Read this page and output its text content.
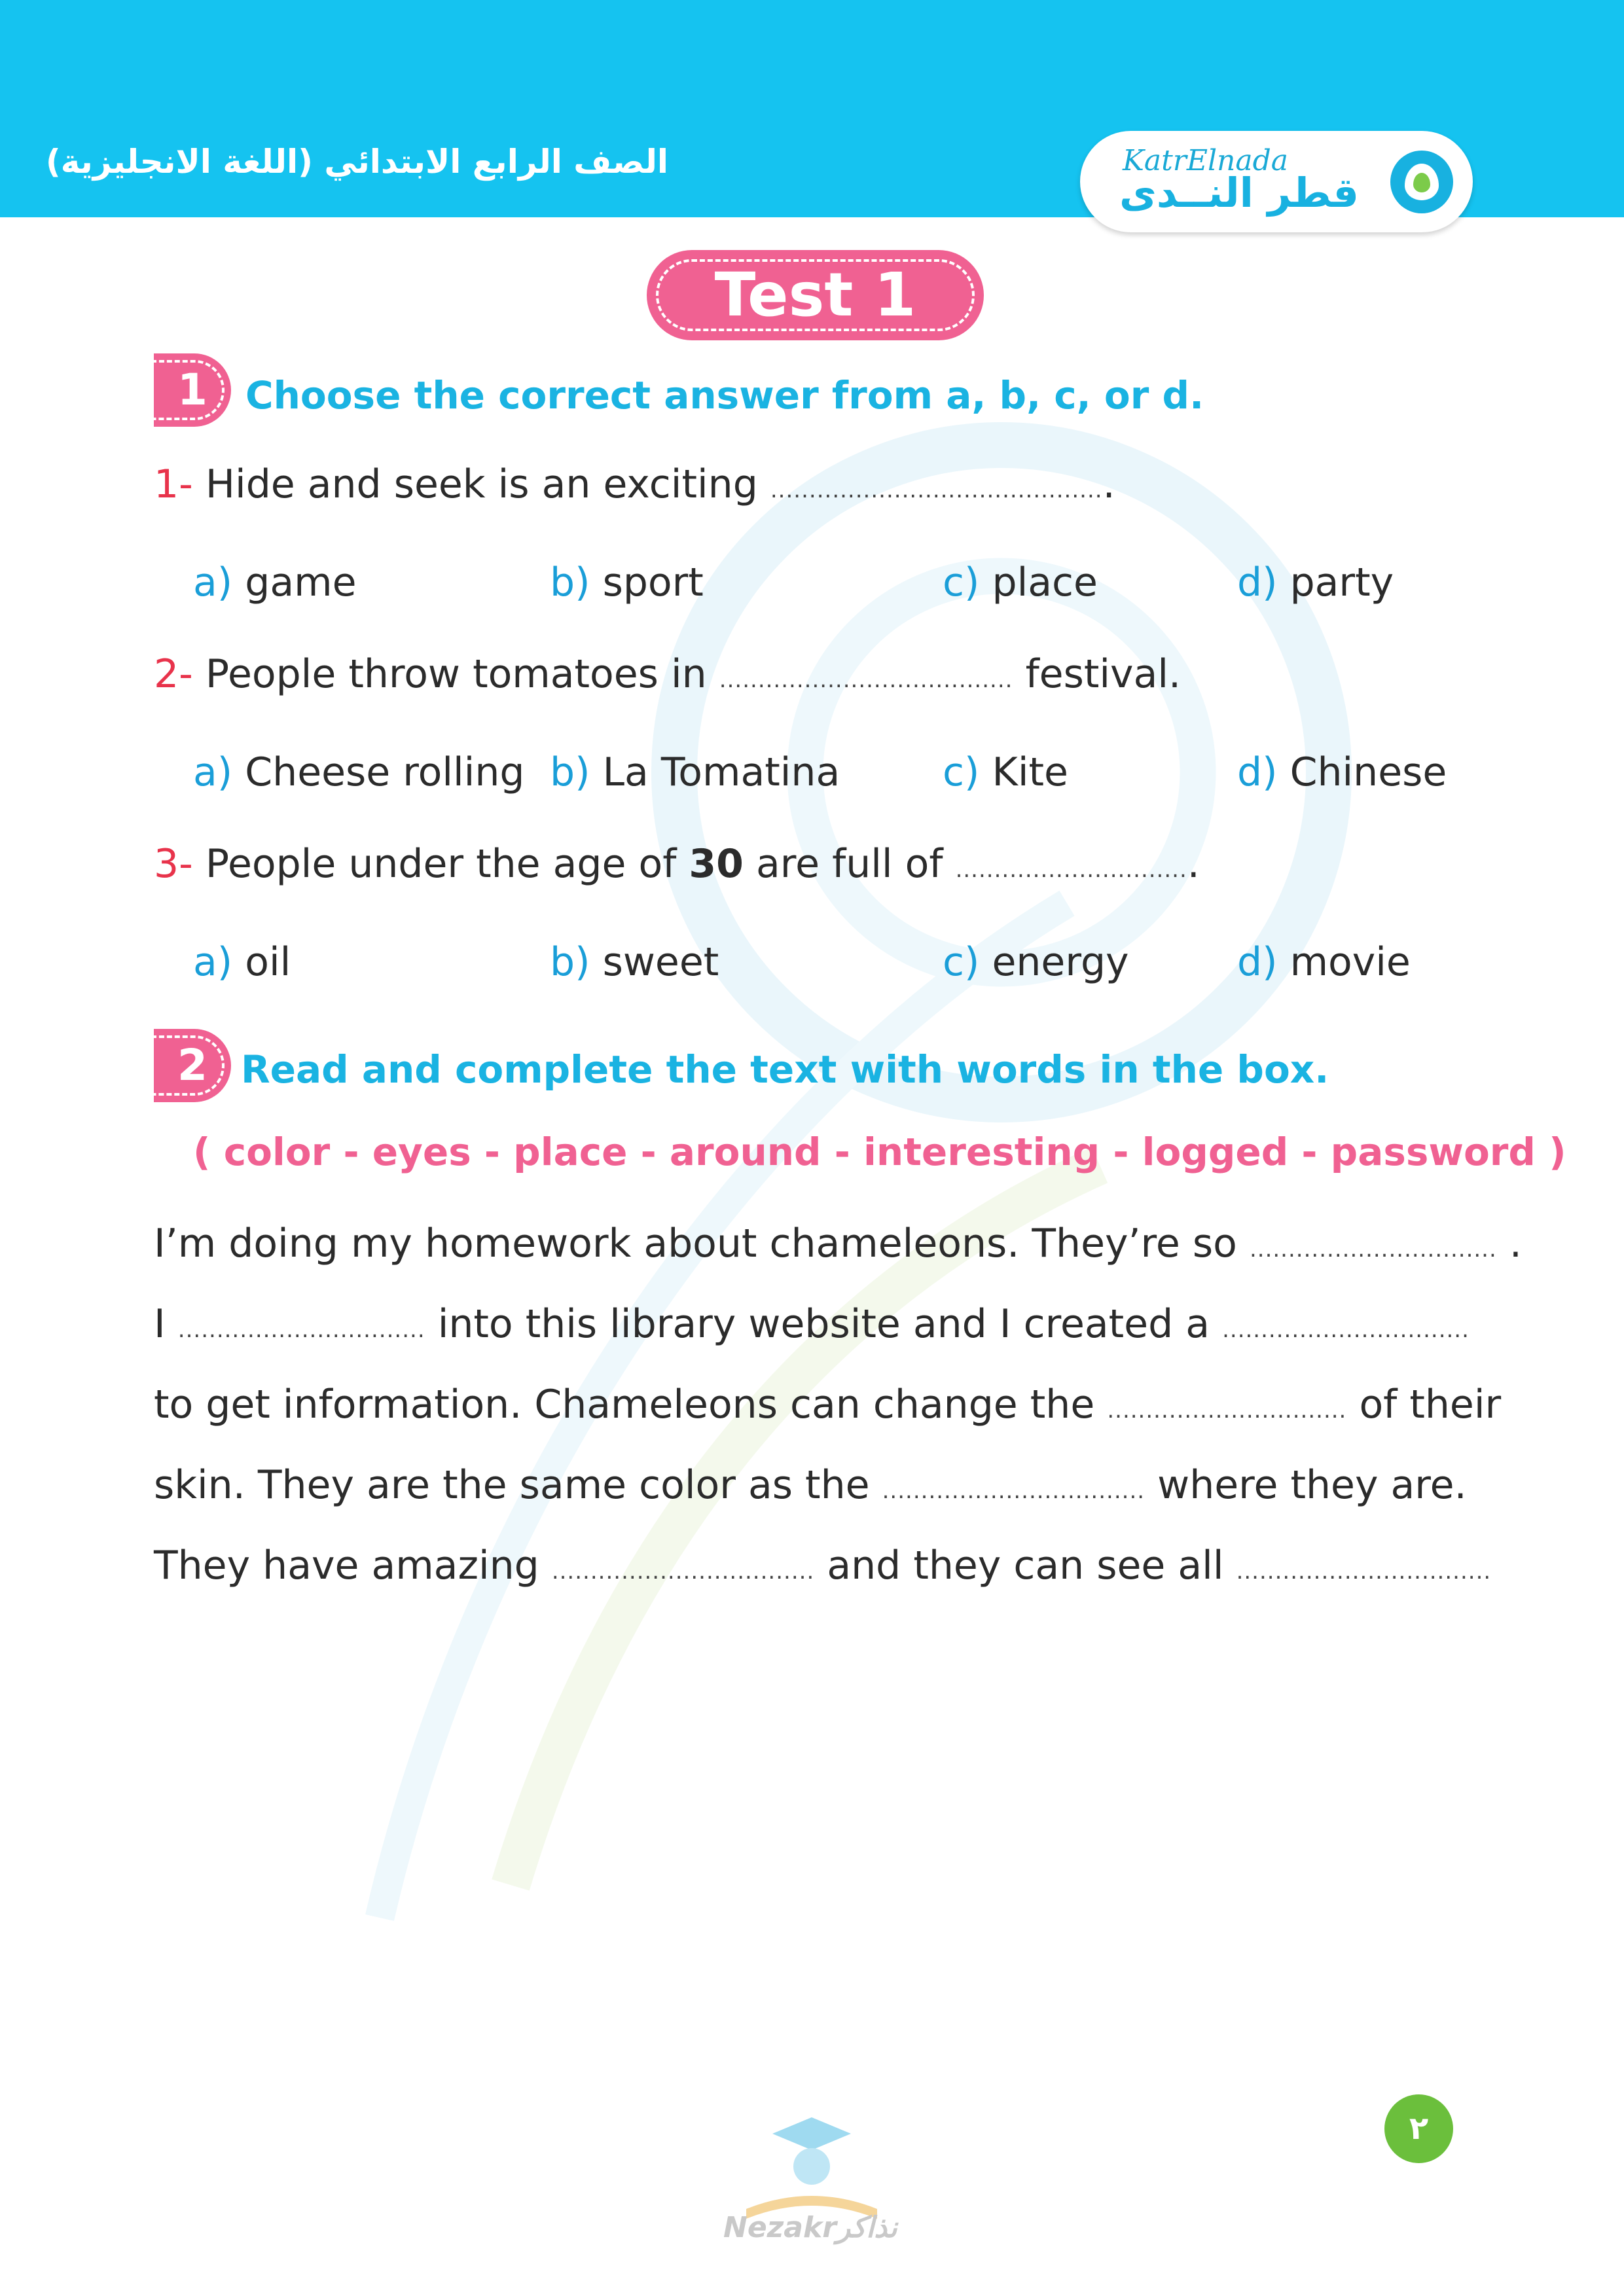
الصف الرابع الابتدائي (اللغة الانجليزية)	KatrElnada
قطر النــدى
Test 1
1	Choose the correct answer from a, b, c, or d.
1- Hide and seek is an exciting ............................................
a) game	b) sport	c) place	d) party
2- People throw tomatoes in ...................................... festival.
a) Cheese rolling b) La Tomatina	c) Kite	d) Chinese
3- People under the age of 30 are full of ...............................
a) oil	b) sweet	c) energy	d) movie
2 Read and complete the text with words in the box.
( color - eyes - place - around - interesting - logged - password )
I’m doing my homework about chameleons. They’re so ................................ .
I ................................ into this library website and I created a ................................
to get information. Chameleons can change the ............................... of their
skin. They are the same color as the .................................. where they are.
They have amazing .................................. and they can see all .................................
Nezakrنذاكر
٢
